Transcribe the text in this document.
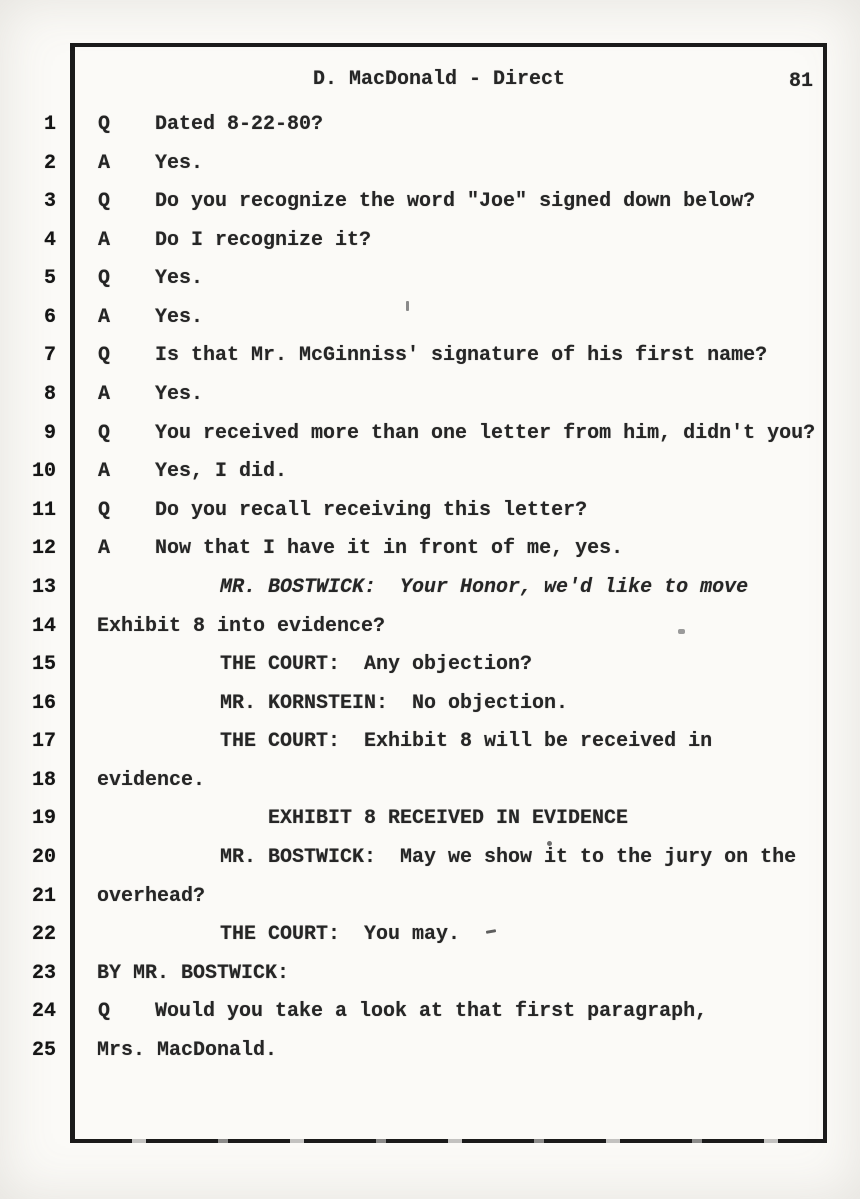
D. MacDonald - Direct	81
1 Q Dated 8-22-80?
2 A Yes.
3 Q Do you recognize the word "Joe" signed down below?
4 A Do I recognize it?
5 Q Yes.
6 A Yes.
7 Q Is that Mr. McGinniss' signature of his first name?
8 A Yes.
9 Q You received more than one letter from him, didn't you?
10 A Yes, I did.
11 Q Do you recall receiving this letter?
12 A Now that I have it in front of me, yes.
13	MR. BOSTWICK:  Your Honor, we'd like to move
14 Exhibit 8 into evidence?
15	THE COURT:  Any objection?
16	MR. KORNSTEIN:  No objection.
17	THE COURT:  Exhibit 8 will be received in
18 evidence.
19	EXHIBIT 8 RECEIVED IN EVIDENCE
20	MR. BOSTWICK:  May we show it to the jury on the
21 overhead?
22	THE COURT:  You may.
23 BY MR. BOSTWICK:
24 Q Would you take a look at that first paragraph,
25 Mrs. MacDonald.
